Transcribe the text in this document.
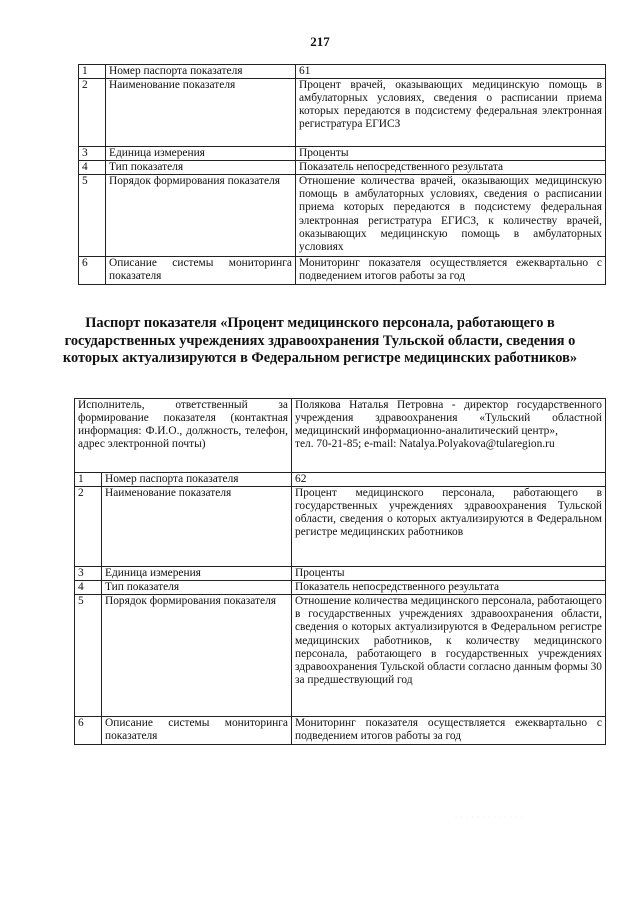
217
1	Номер паспорта показателя	61
2	Наименование показателя	Процент врачей, оказывающих медицинскую помощь в амбулаторных условиях, сведения о расписании приема которых передаются в подсистему федеральная электронная регистратура ЕГИСЗ
3	Единица измерения	Проценты
4	Тип показателя	Показатель непосредственного результата
5	Порядок формирования показателя	Отношение количества врачей, оказывающих медицинскую помощь в амбулаторных условиях, сведения о расписании приема которых передаются в подсистему федеральная электронная регистратура ЕГИСЗ, к количеству врачей, оказывающих медицинскую помощь в амбулаторных условиях
6	Описание системы мониторинга показателя	Мониторинг показателя осуществляется ежеквартально с подведением итогов работы за год
Паспорт показателя «Процент медицинского персонала, работающего в государственных учреждениях здравоохранения Тульской области, сведения о которых актуализируются в Федеральном регистре медицинских работников»
Исполнитель, ответственный за формирование показателя (контактная информация: Ф.И.О., должность, телефон, адрес электронной почты)		Полякова Наталья Петровна - директор государственного учреждения здравоохранения «Тульский областной медицинский информационно-аналитический центр»,
тел. 70-21-85; e-mail: Natalya.Polyakova@tularegion.ru

1	Номер паспорта показателя	62
2	Наименование показателя	Процент медицинского персонала, работающего в государственных учреждениях здравоохранения Тульской области, сведения о которых актуализируются в Федеральном регистре медицинских работников
3	Единица измерения	Проценты
4	Тип показателя	Показатель непосредственного результата
5	Порядок формирования показателя	Отношение количества медицинского персонала, работающего в государственных учреждениях здравоохранения области, сведения о которых актуализируются в Федеральном регистре медицинских работников, к количеству медицинского персонала, работающего в государственных учреждениях здравоохранения Тульской области согласно данным формы 30 за предшествующий год
6	Описание системы мониторинга показателя	Мониторинг показателя осуществляется ежеквартально с подведением итогов работы за год
· · · · · · · · · · · · ·
